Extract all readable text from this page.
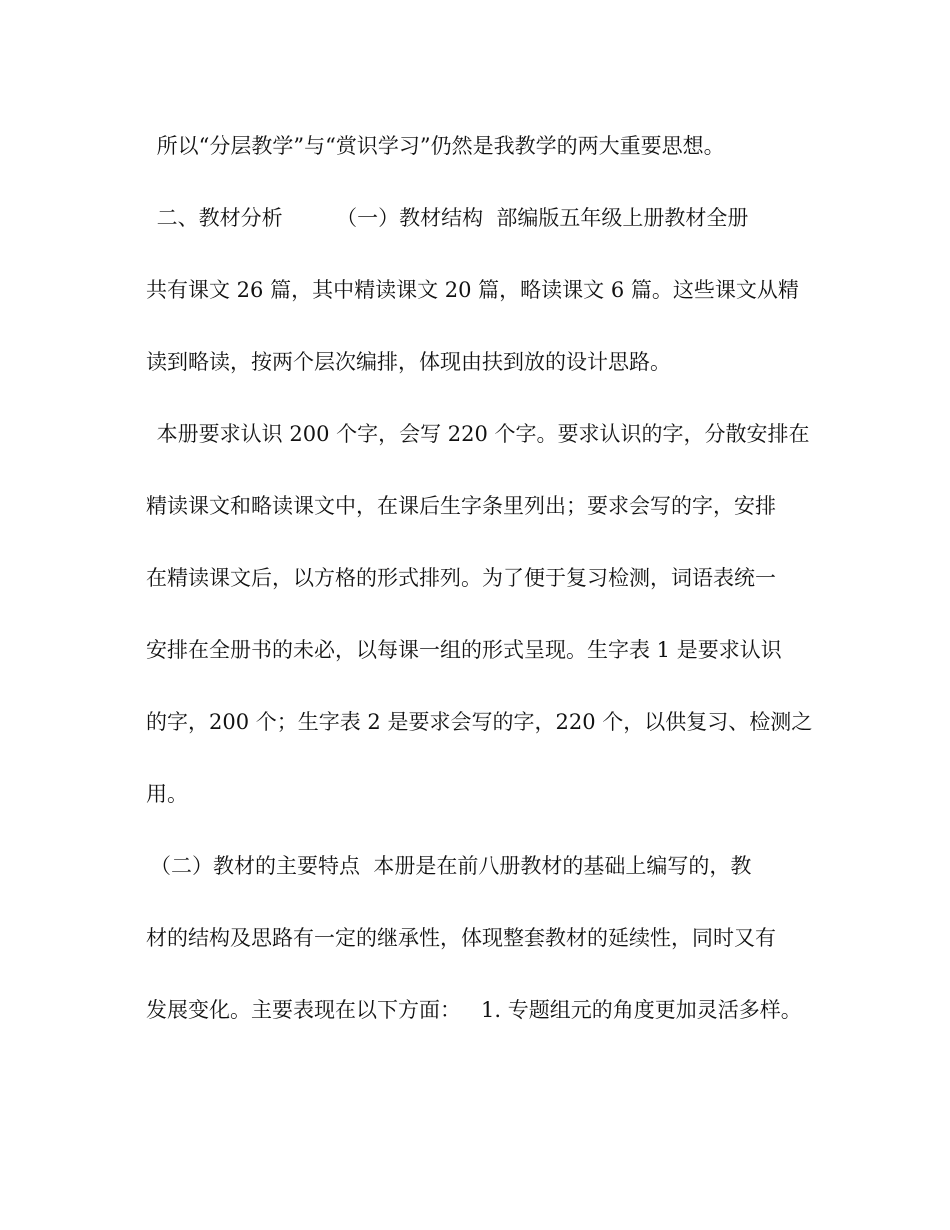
所以“分层教学”与“赏识学习”仍然是我教学的两大重要思想。
二、教材分析        （一）教材结构  部编版五年级上册教材全册
共有课文 26 篇，其中精读课文 20 篇，略读课文 6 篇。这些课文从精
读到略读，按两个层次编排，体现由扶到放的设计思路。
本册要求认识 200 个字，会写 220 个字。要求认识的字，分散安排在
精读课文和略读课文中，在课后生字条里列出；要求会写的字，安排
在精读课文后，以方格的形式排列。为了便于复习检测，词语表统一
安排在全册书的未必，以每课一组的形式呈现。生字表 1 是要求认识
的字，200 个；生字表 2 是要求会写的字，220 个，以供复习、检测之
用。
（二）教材的主要特点  本册是在前八册教材的基础上编写的，教
材的结构及思路有一定的继承性，体现整套教材的延续性，同时又有
发展变化。主要表现在以下方面：   1. 专题组元的角度更加灵活多样。
